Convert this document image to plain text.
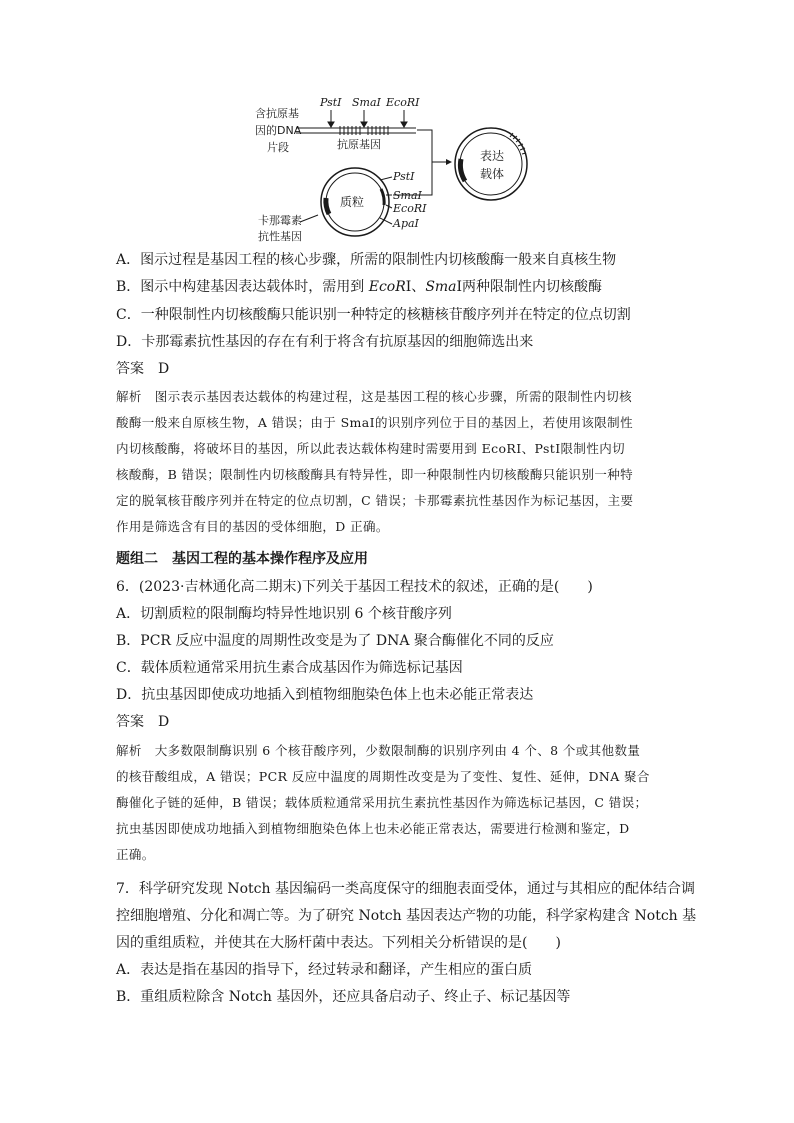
含抗原基
因的DNA
片段
PstⅠ SmaⅠ EcoRⅠ
抗原基因
表达
载体
质粒
PstⅠ
SmaⅠ
EcoRⅠ
ApaⅠ
卡那霉素
抗性基因
A．图示过程是基因工程的核心步骤，所需的限制性内切核酸酶一般来自真核生物
B．图示中构建基因表达载体时，需用到 EcoRⅠ、SmaⅠ两种限制性内切核酸酶
C．一种限制性内切核酸酶只能识别一种特定的核糖核苷酸序列并在特定的位点切割
D．卡那霉素抗性基因的存在有利于将含有抗原基因的细胞筛选出来
答案　 D
解析　 图示表示基因表达载体的构建过程，这是基因工程的核心步骤，所需的限制性内切核
酸酶一般来自原核生物，A 错误；由于 SmaⅠ的识别序列位于目的基因上，若使用该限制性
内切核酸酶，将破坏目的基因，所以此表达载体构建时需要用到 EcoRⅠ、PstⅠ限制性内切
核酸酶，B 错误；限制性内切核酸酶具有特异性，即一种限制性内切核酸酶只能识别一种特
定的脱氧核苷酸序列并在特定的位点切割，C 错误；卡那霉素抗性基因作为标记基因，主要
作用是筛选含有目的基因的受体细胞，D 正确。
题组二　基因工程的基本操作程序及应用
6．(2023·吉林通化高二期末)下列关于基因工程技术的叙述，正确的是(　　)
A．切割质粒的限制酶均特异性地识别 6 个核苷酸序列
B．PCR 反应中温度的周期性改变是为了 DNA 聚合酶催化不同的反应
C．载体质粒通常采用抗生素合成基因作为筛选标记基因
D．抗虫基因即使成功地插入到植物细胞染色体上也未必能正常表达
答案　 D
解析　 大多数限制酶识别 6 个核苷酸序列，少数限制酶的识别序列由 4 个、8 个或其他数量
的核苷酸组成，A 错误；PCR 反应中温度的周期性改变是为了变性、复性、延伸，DNA 聚合
酶催化子链的延伸，B 错误；载体质粒通常采用抗生素抗性基因作为筛选标记基因，C 错误；
抗虫基因即使成功地插入到植物细胞染色体上也未必能正常表达，需要进行检测和鉴定，D
正确。
7．科学研究发现 Notch 基因编码一类高度保守的细胞表面受体，通过与其相应的配体结合调
控细胞增殖、分化和凋亡等。为了研究 Notch 基因表达产物的功能，科学家构建含 Notch 基
因的重组质粒，并使其在大肠杆菌中表达。下列相关分析错误的是(　　)
A．表达是指在基因的指导下，经过转录和翻译，产生相应的蛋白质
B．重组质粒除含 Notch 基因外，还应具备启动子、终止子、标记基因等
